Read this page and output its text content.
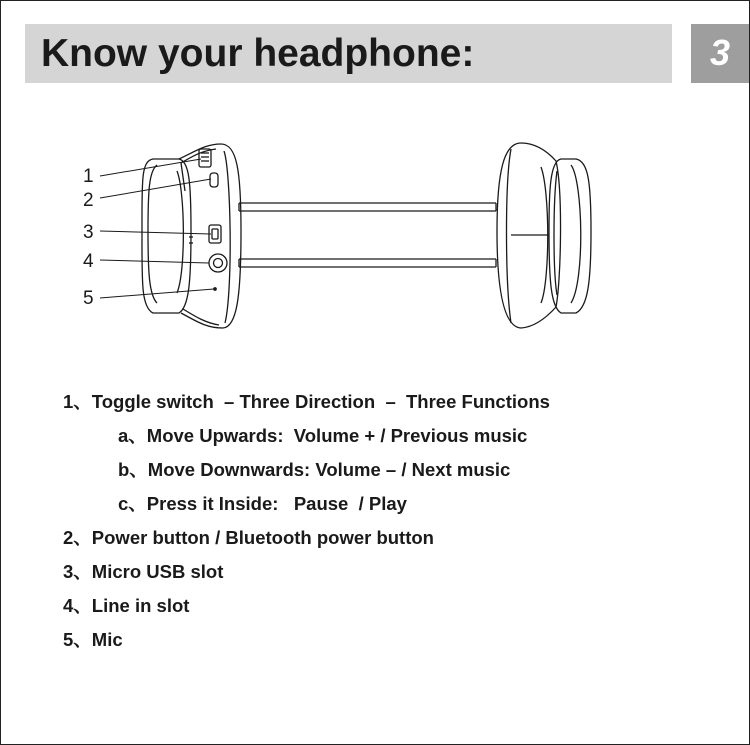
Know your headphone:	3
1
2
3
4
5
1、Toggle switch  – Three Direction  –  Three Functions
a、Move Upwards:  Volume + / Previous music
b、Move Downwards: Volume – / Next music
c、Press it Inside:   Pause  / Play
2、Power button / Bluetooth power button
3、Micro USB slot
4、Line in slot
5、Mic
